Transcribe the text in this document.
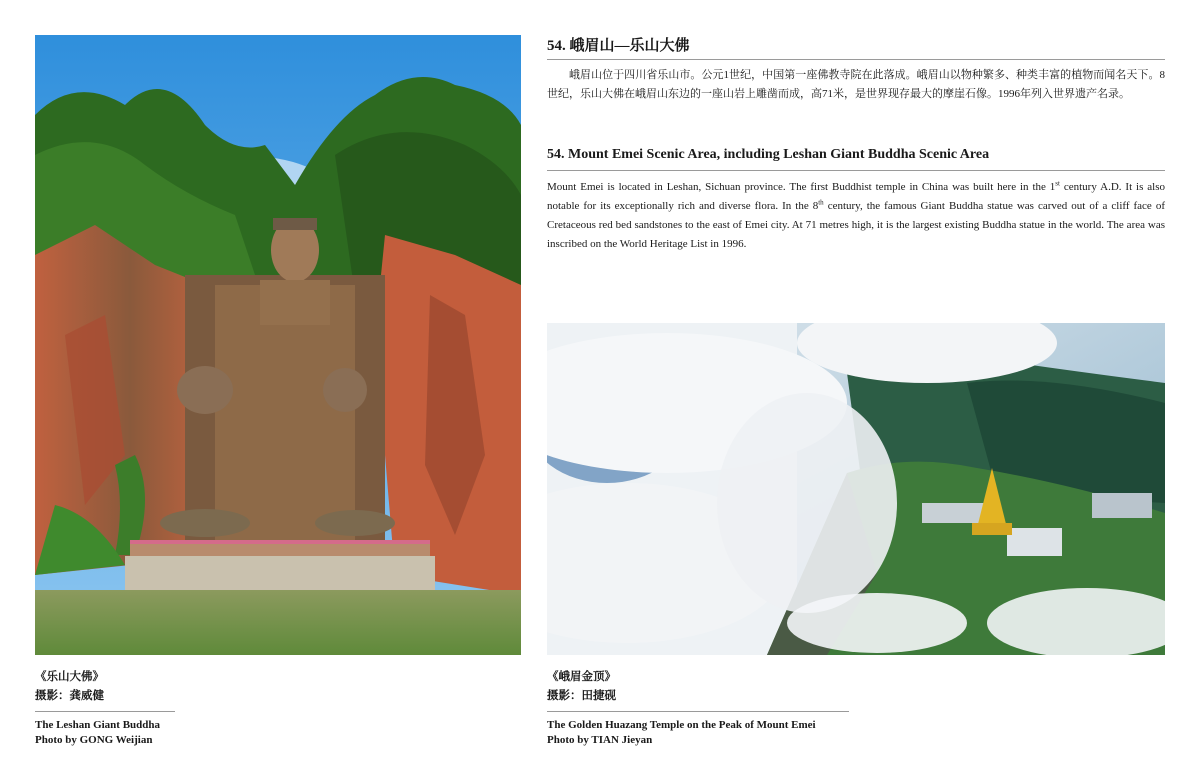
54. 峨眉山—乐山大佛

峨眉山位于四川省乐山市。公元1世纪，中国第一座佛教寺院在此落成。峨眉山以物种繁多、种类丰富的植物而闻名天下。8世纪，乐山大佛在峨眉山东边的一座山岩上雕凿而成，高71米，是世界现存最大的摩崖石像。1996年列入世界遗产名录。

54. Mount Emei Scenic Area, including Leshan Giant Buddha Scenic Area

Mount Emei is located in Leshan, Sichuan province. The first Buddhist temple in China was built here in the 1st century A.D. It is also notable for its exceptionally rich and diverse flora. In the 8th century, the famous Giant Buddha statue was carved out of a cliff face of Cretaceous red bed sandstones to the east of Emei city. At 71 metres high, it is the largest existing Buddha statue in the world. The area was inscribed on the World Heritage List in 1996.

《乐山大佛》
摄影：龚威健
The Leshan Giant Buddha
Photo by GONG Weijian
《峨眉金顶》
摄影：田捷砚
The Golden Huazang Temple on the Peak of Mount Emei
Photo by TIAN Jieyan
